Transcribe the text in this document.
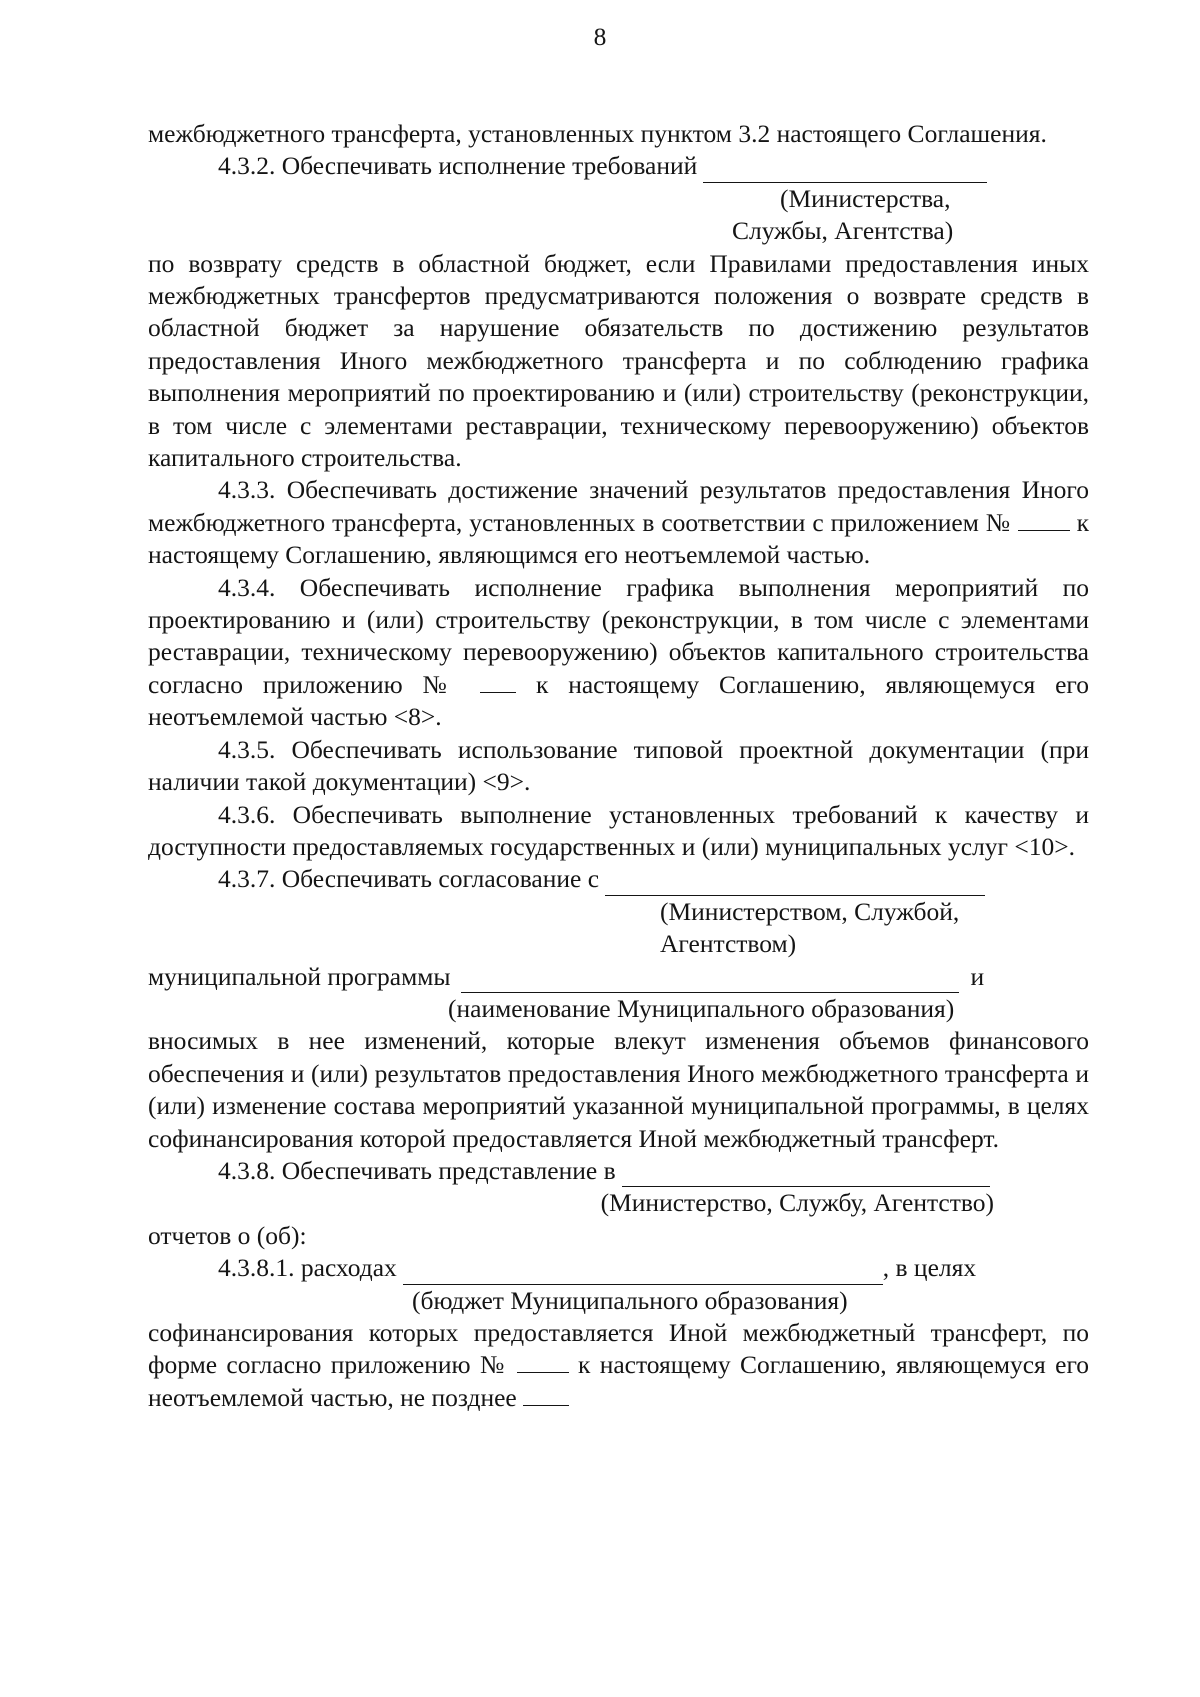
8

межбюджетного трансферта, установленных пунктом 3.2 настоящего Соглашения.

4.3.2. Обеспечивать исполнение требований
(Министерства,
Службы, Агентства)

по возврату средств в областной бюджет, если Правилами предоставления иных межбюджетных трансфертов предусматриваются положения о возврате средств в областной бюджет за нарушение обязательств по достижению результатов предоставления Иного межбюджетного трансферта и по соблюдению графика выполнения мероприятий по проектированию и (или) строительству (реконструкции, в том числе с элементами реставрации, техническому перевооружению) объектов капитального строительства.

4.3.3. Обеспечивать достижение значений результатов предоставления Иного межбюджетного трансферта, установленных в соответствии с приложением №	к настоящему Соглашению, являющимся его неотъемлемой частью.

4.3.4. Обеспечивать исполнение графика выполнения мероприятий по проектированию и (или) строительству (реконструкции, в том числе с элементами реставрации, техническому перевооружению) объектов капитального строительства согласно приложению №	к настоящему Соглашению, являющемуся его неотъемлемой частью <8>.

4.3.5. Обеспечивать использование типовой проектной документации (при наличии такой документации) <9>.

4.3.6. Обеспечивать выполнение установленных требований к качеству и доступности предоставляемых государственных и (или) муниципальных услуг <10>.

4.3.7. Обеспечивать согласование с
(Министерством, Службой,
Агентством)
муниципальной программы	и
(наименование Муниципального образования)

вносимых в нее изменений, которые влекут изменения объемов финансового обеспечения и (или) результатов предоставления Иного межбюджетного трансферта и (или) изменение состава мероприятий указанной муниципальной программы, в целях софинансирования которой предоставляется Иной межбюджетный трансферт.

4.3.8. Обеспечивать представление в
(Министерство, Службу, Агентство)
отчетов о (об):
4.3.8.1. расходах	, в целях
(бюджет Муниципального образования)

софинансирования которых предоставляется Иной межбюджетный трансферт, по форме согласно приложению №	к настоящему Соглашению, являющемуся его неотъемлемой частью, не позднее
